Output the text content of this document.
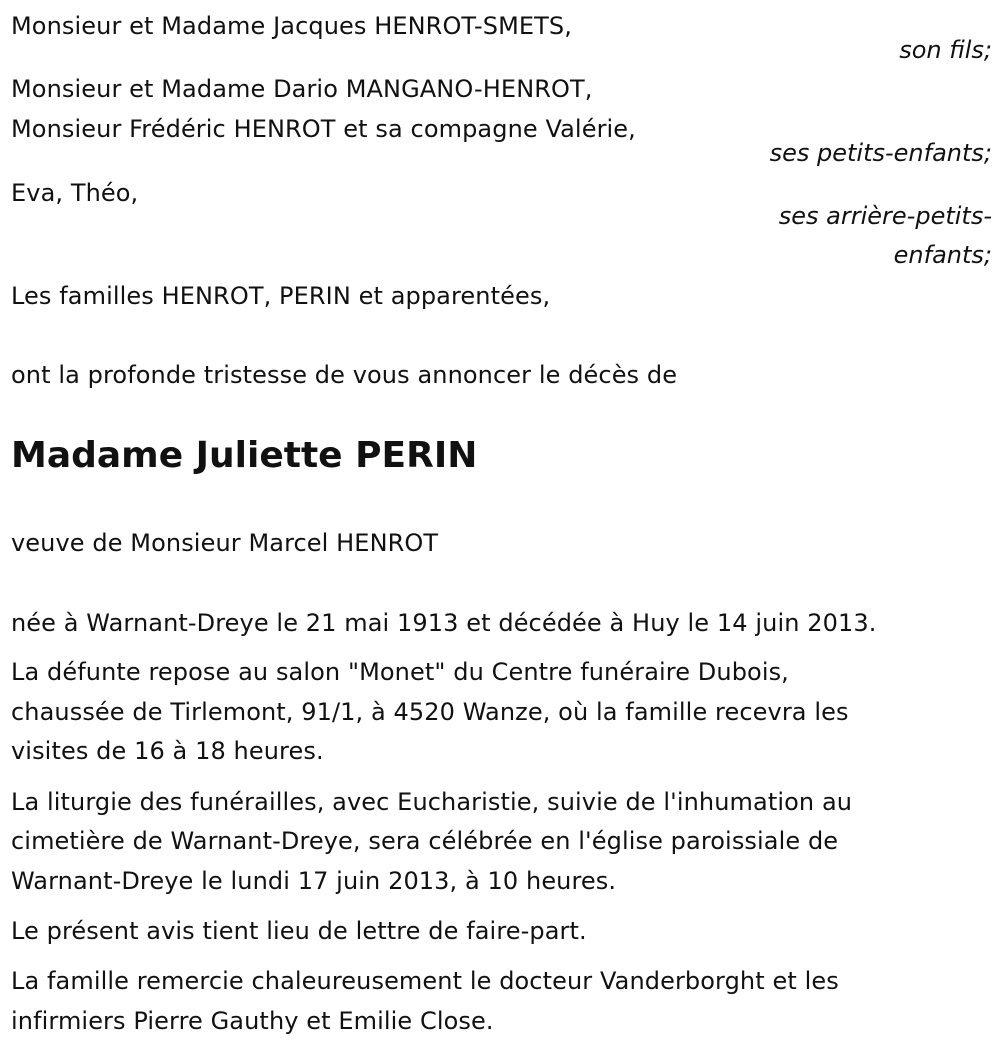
Monsieur et Madame Jacques HENROT-SMETS,
son fils;
Monsieur et Madame Dario MANGANO-HENROT,
Monsieur Frédéric HENROT et sa compagne Valérie,
ses petits-enfants;
Eva, Théo,
ses arrière-petits-
enfants;
Les familles HENROT, PERIN et apparentées,
ont la profonde tristesse de vous annoncer le décès de
Madame Juliette PERIN
veuve de Monsieur Marcel HENROT
née à Warnant-Dreye le 21 mai 1913 et décédée à Huy le 14 juin 2013.
La défunte repose au salon "Monet" du Centre funéraire Dubois,
chaussée de Tirlemont, 91/1, à 4520 Wanze, où la famille recevra les
visites de 16 à 18 heures.
La liturgie des funérailles, avec Eucharistie, suivie de l'inhumation au
cimetière de Warnant-Dreye, sera célébrée en l'église paroissiale de
Warnant-Dreye le lundi 17 juin 2013, à 10 heures.
Le présent avis tient lieu de lettre de faire-part.
La famille remercie chaleureusement le docteur Vanderborght et les
infirmiers Pierre Gauthy et Emilie Close.
